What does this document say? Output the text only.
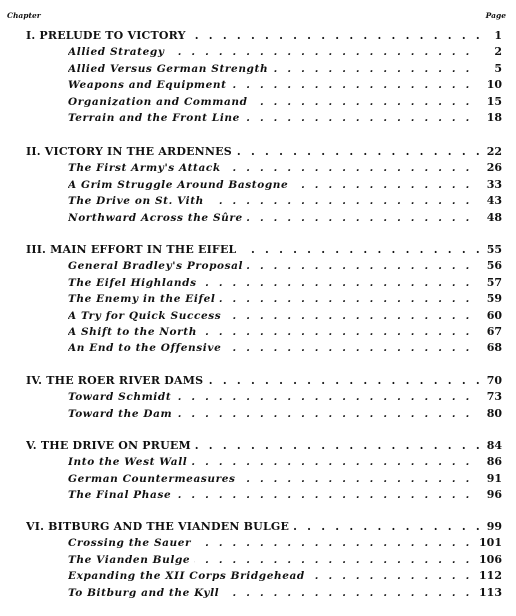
Chapter	Page
I. PRELUDE TO VICTORY . . .	1
Allied Strategy . . .	2
Allied Versus German Strength . . .	5
Weapons and Equipment . . .	10
Organization and Command . . .	15
Terrain and the Front Line . . .	18
II. VICTORY IN THE ARDENNES . . .	22
The First Army's Attack . . .	26
A Grim Struggle Around Bastogne . . .	33
The Drive on St. Vith . . .	43
Northward Across the Sûre . . .	48
III. MAIN EFFORT IN THE EIFEL . . .	55
General Bradley's Proposal . . .	56
The Eifel Highlands . . .	57
The Enemy in the Eifel . . .	59
A Try for Quick Success . . .	60
A Shift to the North . . .	67
An End to the Offensive . . .	68
IV. THE ROER RIVER DAMS . . .	70
Toward Schmidt . . .	73
Toward the Dam . . .	80
V. THE DRIVE ON PRUEM . . .	84
Into the West Wall . . .	86
German Countermeasures . . .	91
The Final Phase . . .	96
VI. BITBURG AND THE VIANDEN BULGE . . .	99
Crossing the Sauer . . .	101
The Vianden Bulge . . .	106
Expanding the XII Corps Bridgehead . . .	112
To Bitburg and the Kyll . . .	113
